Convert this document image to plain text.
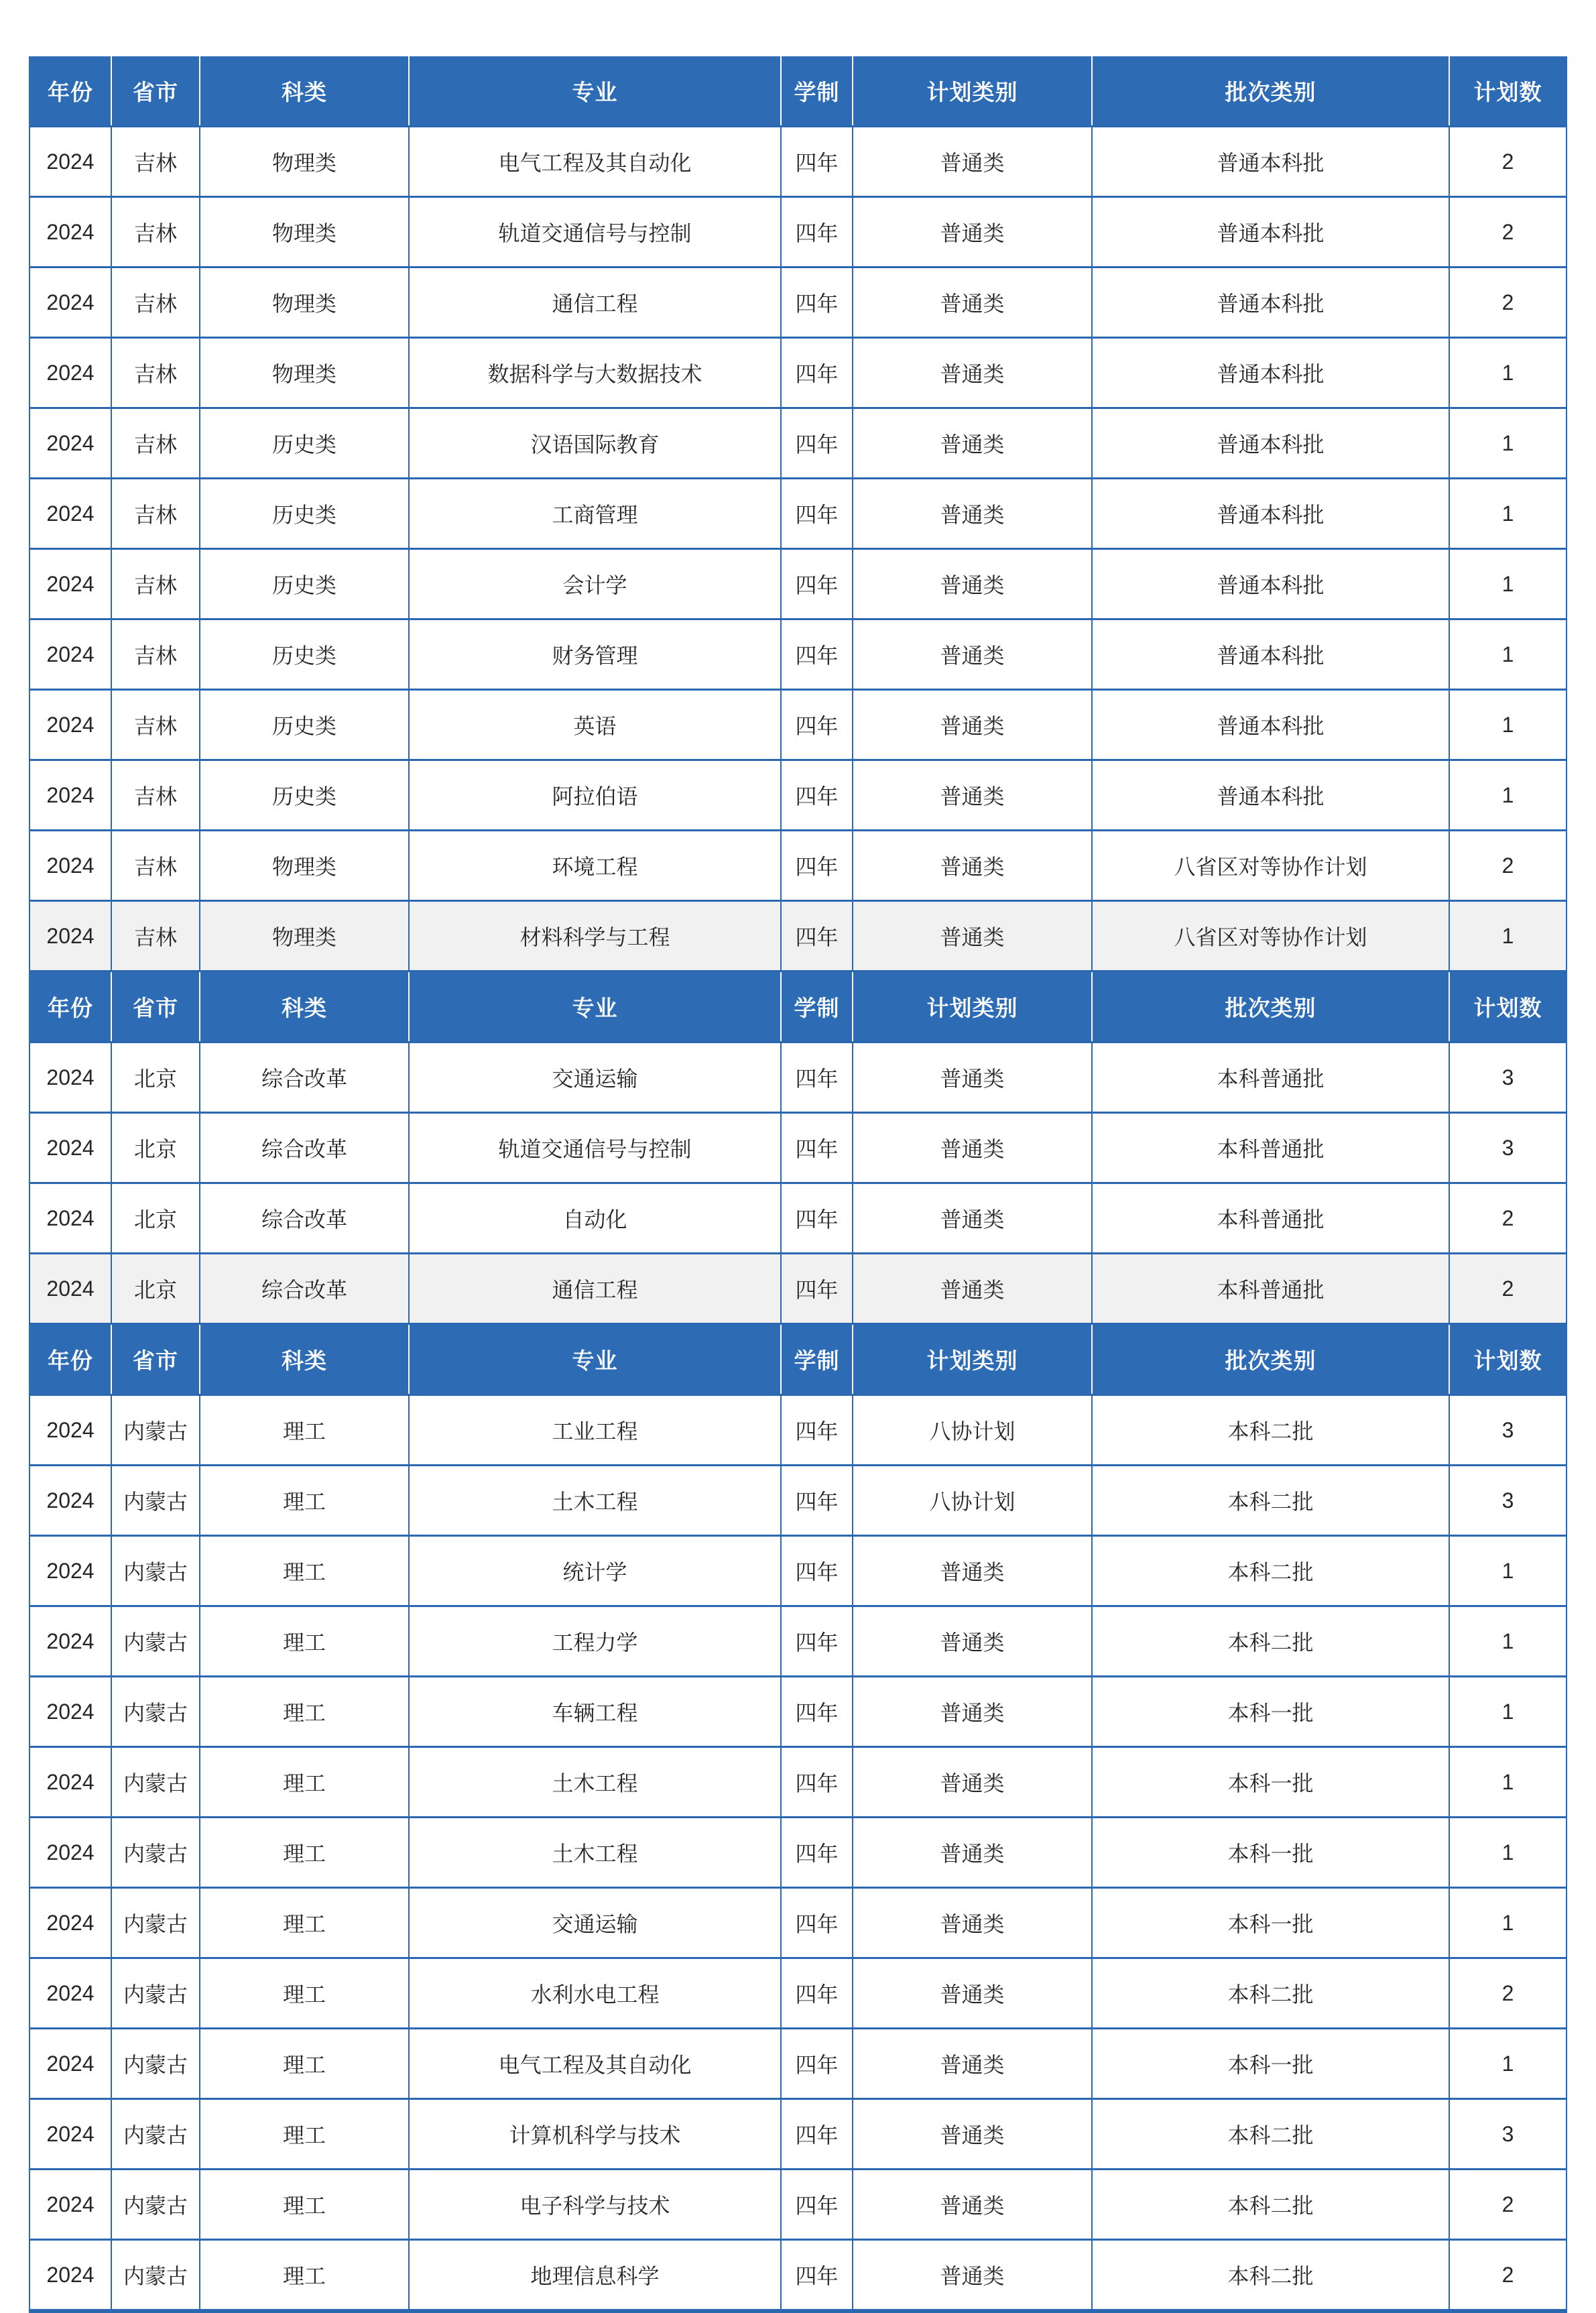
年份	省市	科类	专业	学制	计划类别	批次类别	计划数
2024	吉林	物理类	电气工程及其自动化	四年	普通类	普通本科批	2
2024	吉林	物理类	轨道交通信号与控制	四年	普通类	普通本科批	2
2024	吉林	物理类	通信工程	四年	普通类	普通本科批	2
2024	吉林	物理类	数据科学与大数据技术	四年	普通类	普通本科批	1
2024	吉林	历史类	汉语国际教育	四年	普通类	普通本科批	1
2024	吉林	历史类	工商管理	四年	普通类	普通本科批	1
2024	吉林	历史类	会计学	四年	普通类	普通本科批	1
2024	吉林	历史类	财务管理	四年	普通类	普通本科批	1
2024	吉林	历史类	英语	四年	普通类	普通本科批	1
2024	吉林	历史类	阿拉伯语	四年	普通类	普通本科批	1
2024	吉林	物理类	环境工程	四年	普通类	八省区对等协作计划	2
2024	吉林	物理类	材料科学与工程	四年	普通类	八省区对等协作计划	1
年份	省市	科类	专业	学制	计划类别	批次类别	计划数
2024	北京	综合改革	交通运输	四年	普通类	本科普通批	3
2024	北京	综合改革	轨道交通信号与控制	四年	普通类	本科普通批	3
2024	北京	综合改革	自动化	四年	普通类	本科普通批	2
2024	北京	综合改革	通信工程	四年	普通类	本科普通批	2
年份	省市	科类	专业	学制	计划类别	批次类别	计划数
2024	内蒙古	理工	工业工程	四年	八协计划	本科二批	3
2024	内蒙古	理工	土木工程	四年	八协计划	本科二批	3
2024	内蒙古	理工	统计学	四年	普通类	本科二批	1
2024	内蒙古	理工	工程力学	四年	普通类	本科二批	1
2024	内蒙古	理工	车辆工程	四年	普通类	本科一批	1
2024	内蒙古	理工	土木工程	四年	普通类	本科一批	1
2024	内蒙古	理工	土木工程	四年	普通类	本科一批	1
2024	内蒙古	理工	交通运输	四年	普通类	本科一批	1
2024	内蒙古	理工	水利水电工程	四年	普通类	本科二批	2
2024	内蒙古	理工	电气工程及其自动化	四年	普通类	本科一批	1
2024	内蒙古	理工	计算机科学与技术	四年	普通类	本科二批	3
2024	内蒙古	理工	电子科学与技术	四年	普通类	本科二批	2
2024	内蒙古	理工	地理信息科学	四年	普通类	本科二批	2
